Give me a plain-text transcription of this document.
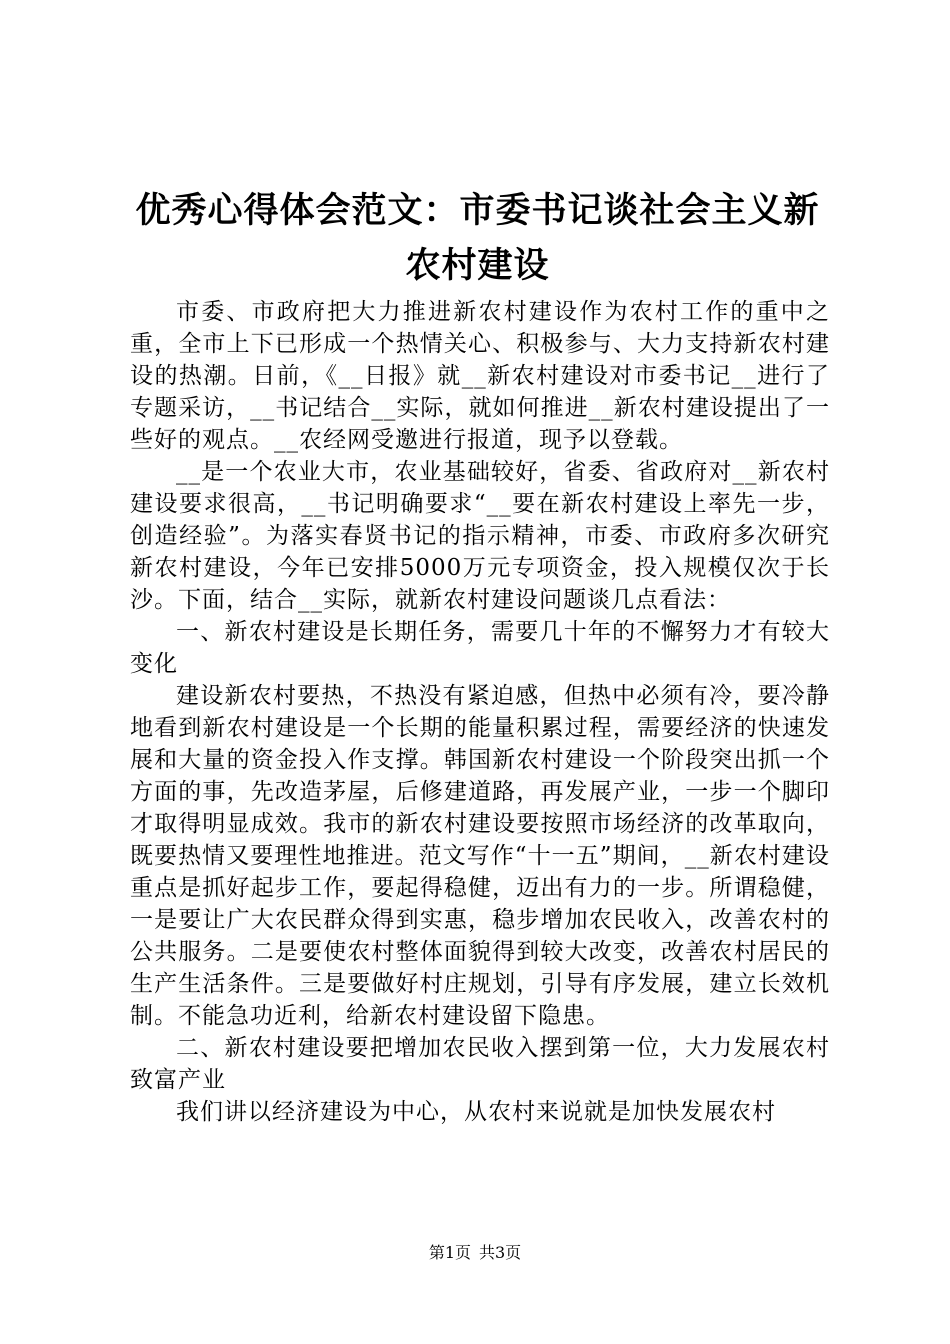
优秀心得体会范文：市委书记谈社会主义新农村建设

市委、市政府把大力推进新农村建设作为农村工作的重中之重，全市上下已形成一个热情关心、积极参与、大力支持新农村建设的热潮。日前，《__日报》就__新农村建设对市委书记__进行了专题采访，__书记结合__实际，就如何推进__新农村建设提出了一些好的观点。__农经网受邀进行报道，现予以登载。

__是一个农业大市，农业基础较好，省委、省政府对__新农村建设要求很高，__书记明确要求“__要在新农村建设上率先一步，创造经验”。为落实春贤书记的指示精神，市委、市政府多次研究新农村建设，今年已安排5000万元专项资金，投入规模仅次于长沙。下面，结合__实际，就新农村建设问题谈几点看法：

一、新农村建设是长期任务，需要几十年的不懈努力才有较大变化

建设新农村要热，不热没有紧迫感，但热中必须有冷，要冷静地看到新农村建设是一个长期的能量积累过程，需要经济的快速发展和大量的资金投入作支撑。韩国新农村建设一个阶段突出抓一个方面的事，先改造茅屋，后修建道路，再发展产业，一步一个脚印才取得明显成效。我市的新农村建设要按照市场经济的改革取向，既要热情又要理性地推进。范文写作“十一五”期间，__新农村建设重点是抓好起步工作，要起得稳健，迈出有力的一步。所谓稳健，一是要让广大农民群众得到实惠，稳步增加农民收入，改善农村的公共服务。二是要使农村整体面貌得到较大改变，改善农村居民的生产生活条件。三是要做好村庄规划，引导有序发展，建立长效机制。不能急功近利，给新农村建设留下隐患。

二、新农村建设要把增加农民收入摆到第一位，大力发展农村致富产业

我们讲以经济建设为中心，从农村来说就是加快发展农村

第1页 共3页
